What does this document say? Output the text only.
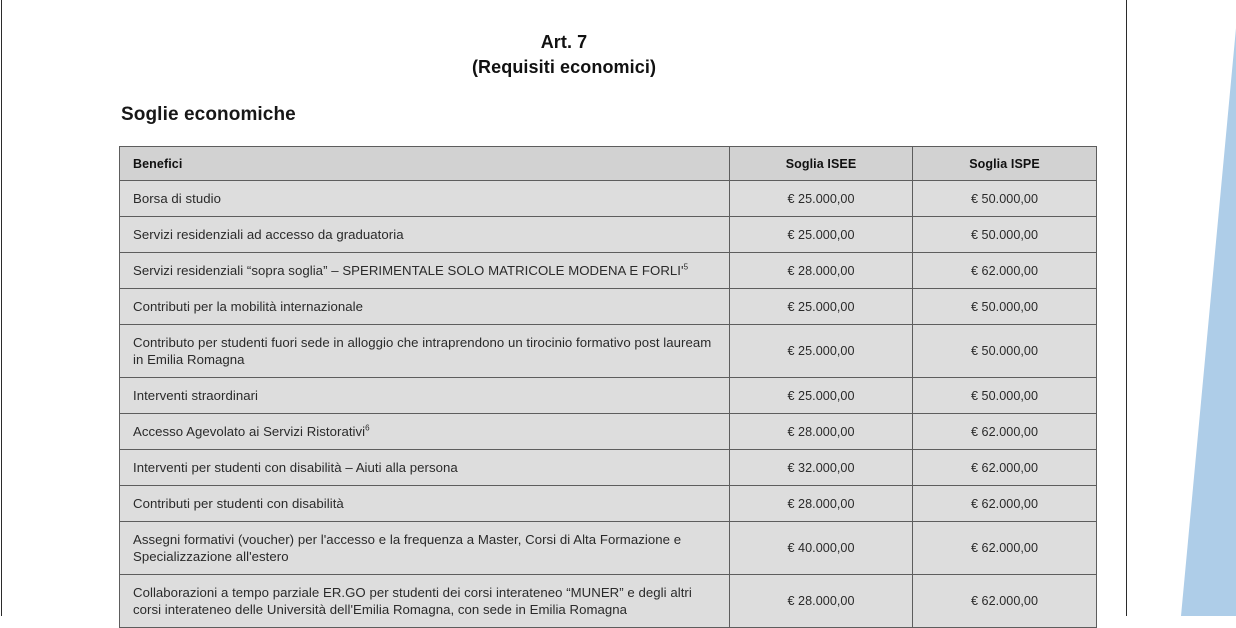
Art. 7
(Requisiti economici)
Soglie economiche
Benefici	Soglia ISEE	Soglia ISPE
Borsa di studio	€ 25.000,00	€ 50.000,00
Servizi residenziali ad accesso da graduatoria	€ 25.000,00	€ 50.000,00
Servizi residenziali “sopra soglia” – SPERIMENTALE SOLO MATRICOLE MODENA E $FORLI'^5$	€ 28.000,00	€ 62.000,00
Contributi per la mobilità internazionale	€ 25.000,00	€ 50.000,00
Contributo per studenti fuori sede in alloggio che intraprendono un tirocinio formativo post lauream in Emilia Romagna	€ 25.000,00	€ 50.000,00
Interventi straordinari	€ 25.000,00	€ 50.000,00
Accesso Agevolato ai Servizi Ristorativi$^6$	€ 28.000,00	€ 62.000,00
Interventi per studenti con disabilità – Aiuti alla persona	€ 32.000,00	€ 62.000,00
Contributi per studenti con disabilità	€ 28.000,00	€ 62.000,00
Assegni formativi (voucher) per l'accesso e la frequenza a Master, Corsi di Alta Formazione e Specializzazione all'estero	€ 40.000,00	€ 62.000,00
Collaborazioni a tempo parziale ER.GO per studenti dei corsi interateneo “MUNER” e degli altri corsi interateneo delle Università dell'Emilia Romagna, con sede in Emilia Romagna	€ 28.000,00	€ 62.000,00
